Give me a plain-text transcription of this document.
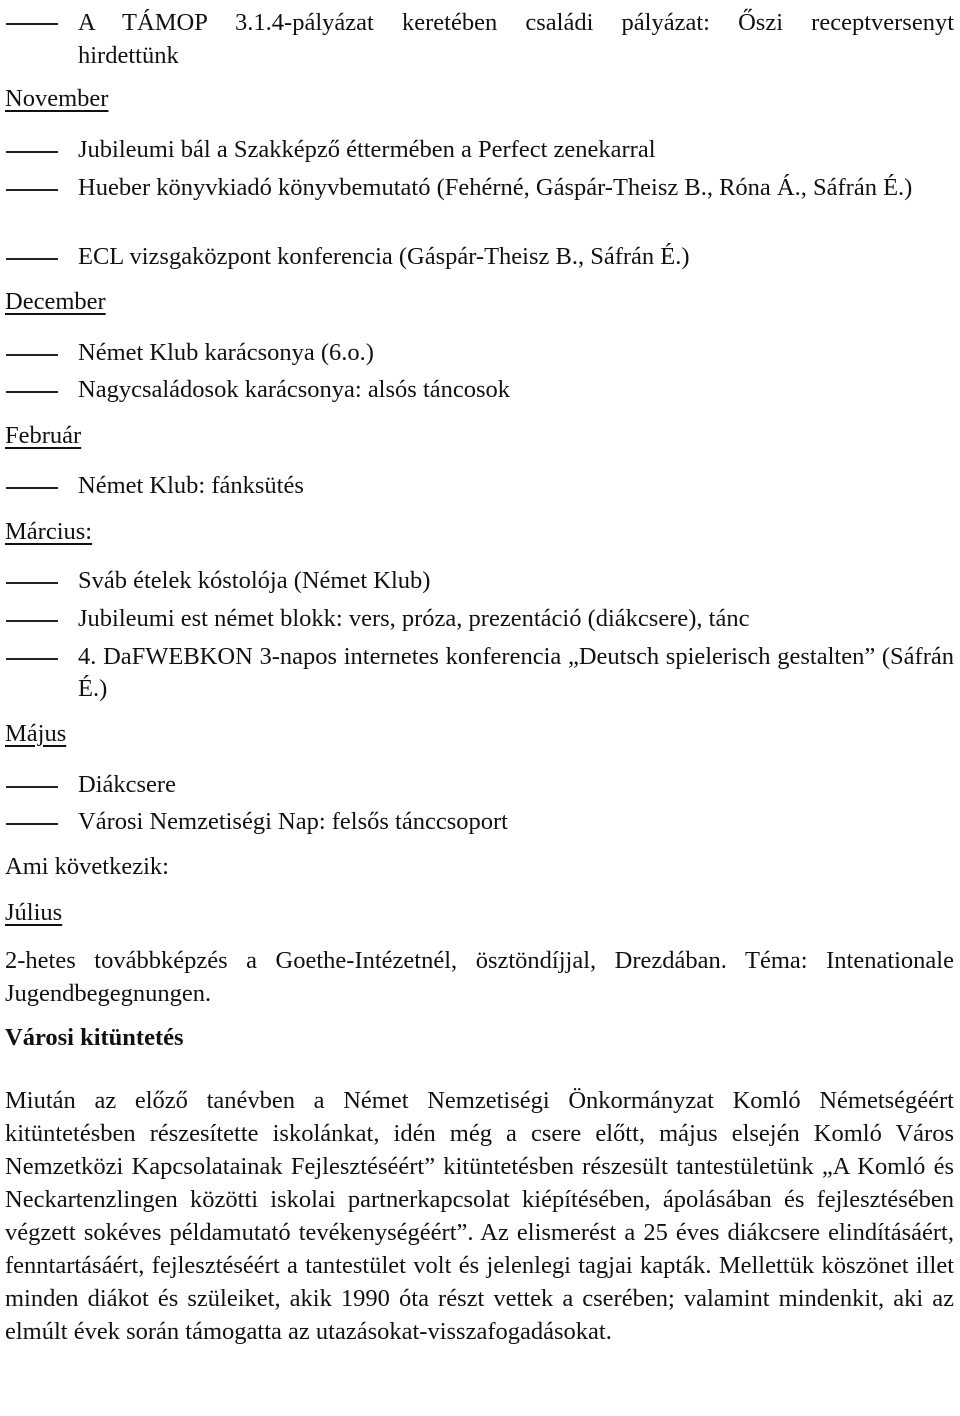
A TÁMOP 3.1.4-pályázat keretében családi pályázat: Őszi receptversenyt
hirdettünk
November
Jubileumi bál a Szakképző éttermében a Perfect zenekarral
Hueber könyvkiadó könyvbemutató (Fehérné, Gáspár-Theisz B., Róna Á., Sáfrán É.)
ECL vizsgaközpont konferencia (Gáspár-Theisz B., Sáfrán É.)
December
Német Klub karácsonya (6.o.)
Nagycsaládosok karácsonya: alsós táncosok
Február
Német Klub: fánksütés
Március:
Sváb ételek kóstolója (Német Klub)
Jubileumi est német blokk: vers, próza, prezentáció (diákcsere), tánc
4. DaFWEBKON 3-napos internetes konferencia „Deutsch spielerisch gestalten” (Sáfrán É.)
Május
Diákcsere
Városi Nemzetiségi Nap: felsős tánccsoport
Ami következik:
Július
2-hetes továbbképzés a Goethe-Intézetnél, ösztöndíjjal, Drezdában. Téma: Intenationale Jugendbegegnungen.
Városi kitüntetés
Miután az előző tanévben a Német Nemzetiségi Önkormányzat Komló Németségéért kitüntetésben részesítette iskolánkat, idén még a csere előtt, május elsején Komló Város Nemzetközi Kapcsolatainak Fejlesztéséért” kitüntetésben részesült tantestületünk „A Komló és Neckartenzlingen közötti iskolai partnerkapcsolat kiépítésében, ápolásában és fejlesztésében végzett sokéves példamutató tevékenységéért”. Az elismerést a 25 éves diákcsere elindításáért, fenntartásáért, fejlesztéséért a tantestület volt és jelenlegi tagjai kapták. Mellettük köszönet illet minden diákot és szüleiket, akik 1990 óta részt vettek a cserében; valamint mindenkit, aki az elmúlt évek során támogatta az utazásokat-visszafogadásokat.
